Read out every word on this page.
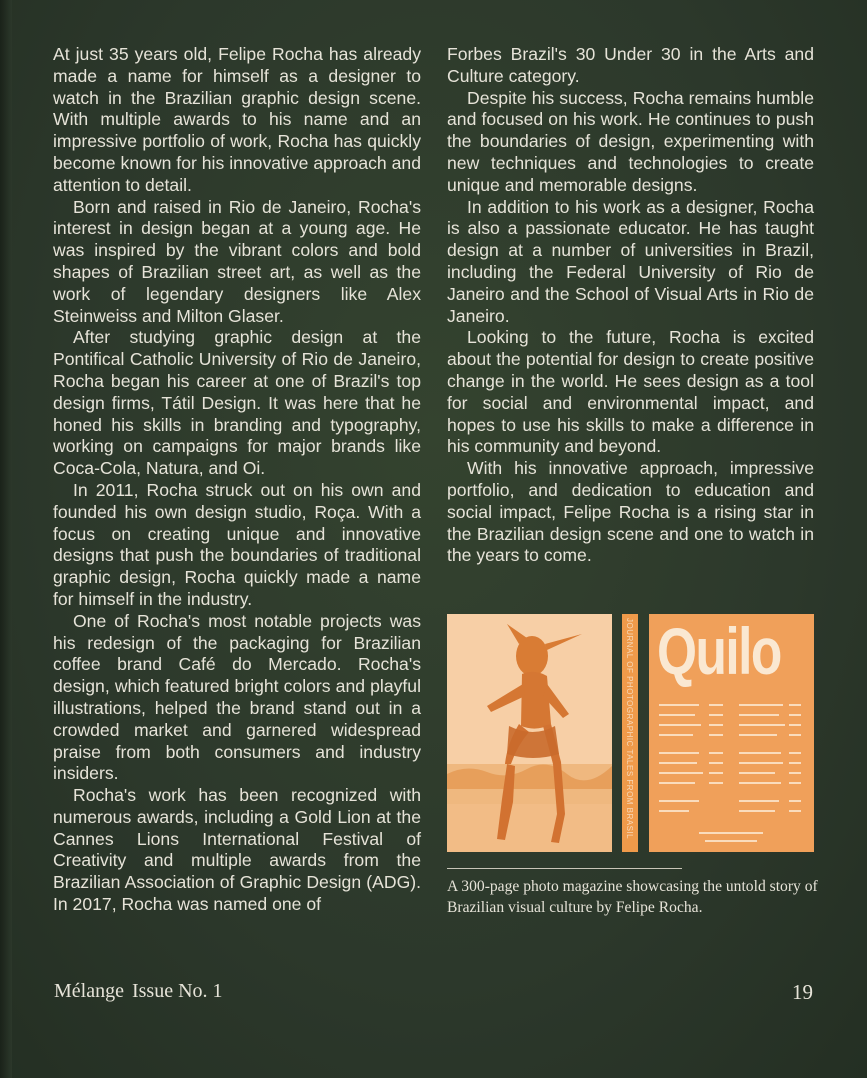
At just 35 years old, Felipe Rocha has already made a name for himself as a designer to watch in the Brazilian graphic design scene. With multiple awards to his name and an impressive portfolio of work, Rocha has quickly become known for his innovative approach and attention to detail.

Born and raised in Rio de Janeiro, Rocha's interest in design began at a young age. He was inspired by the vibrant colors and bold shapes of Brazilian street art, as well as the work of legendary designers like Alex Steinweiss and Milton Glaser.

After studying graphic design at the Pontifical Catholic University of Rio de Janeiro, Rocha began his career at one of Brazil's top design firms, Tátil Design. It was here that he honed his skills in branding and typography, working on campaigns for major brands like Coca-Cola, Natura, and Oi.

In 2011, Rocha struck out on his own and founded his own design studio, Roça. With a focus on creating unique and innovative designs that push the boundaries of traditional graphic design, Rocha quickly made a name for himself in the industry.

One of Rocha's most notable projects was his redesign of the packaging for Brazilian coffee brand Café do Mercado. Rocha's design, which featured bright colors and playful illustrations, helped the brand stand out in a crowded market and garnered widespread praise from both consumers and industry insiders.

Rocha's work has been recognized with numerous awards, including a Gold Lion at the Cannes Lions International Festival of Creativity and multiple awards from the Brazilian Association of Graphic Design (ADG). In 2017, Rocha was named one of

Forbes Brazil's 30 Under 30 in the Arts and Culture category.

Despite his success, Rocha remains humble and focused on his work. He continues to push the boundaries of design, experimenting with new techniques and technologies to create unique and memorable designs.

In addition to his work as a designer, Rocha is also a passionate educator. He has taught design at a number of universities in Brazil, including the Federal University of Rio de Janeiro and the School of Visual Arts in Rio de Janeiro.

Looking to the future, Rocha is excited about the potential for design to create positive change in the world. He sees design as a tool for social and environmental impact, and hopes to use his skills to make a difference in his community and beyond.

With his innovative approach, impressive portfolio, and dedication to education and social impact, Felipe Rocha is a rising star in the Brazilian design scene and one to watch in the years to come.

JOURNAL OF PHOTOGRAPHIC TALES FROM BRASIL Quilo
A 300-page photo magazine showcasing the untold story of Brazilian visual culture by Felipe Rocha.
Mélange Issue No. 1	19
